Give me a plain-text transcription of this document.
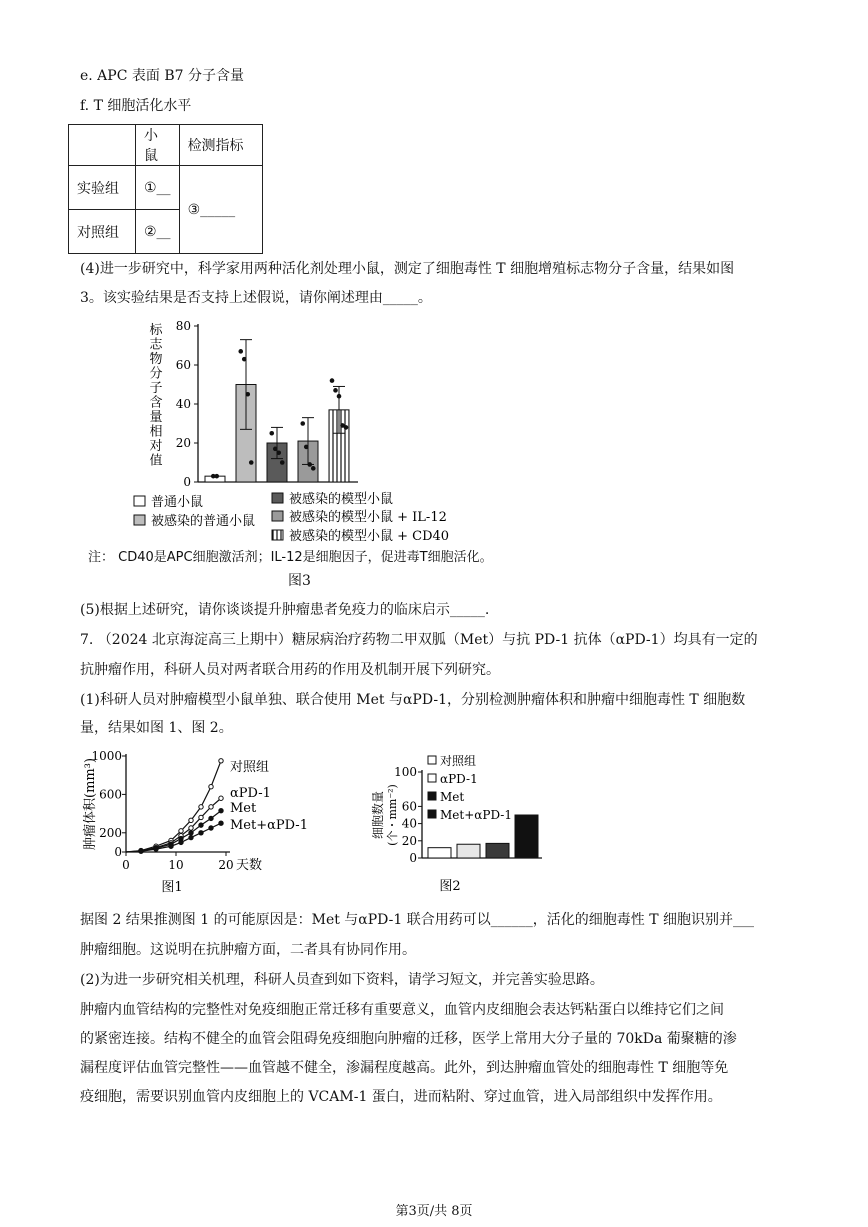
e. APC 表面 B7 分子含量
f. T 细胞活化水平
	小鼠	检测指标
实验组	①__	③_____
对照组	②__	
(4)进一步研究中，科学家用两种活化剂处理小鼠，测定了细胞毒性 T 细胞增殖标志物分子含量，结果如图
3。该实验结果是否支持上述假说，请你阐述理由_____。
标
志
物
分
子
含
量
相
对
值
0
20
40
60
80
普通小鼠
被感染的普通小鼠
被感染的模型小鼠
被感染的模型小鼠 + IL-12
被感染的模型小鼠 + CD40
注： CD40是APC细胞激活剂；IL-12是细胞因子，促进毒T细胞活化。
图3
(5)根据上述研究，请你谈谈提升肿瘤患者免疫力的临床启示_____.
7. （2024 北京海淀高三上期中）糖尿病治疗药物二甲双胍（Met）与抗 PD-1 抗体（αPD-1）均具有一定的
抗肿瘤作用，科研人员对两者联合用药的作用及机制开展下列研究。
(1)科研人员对肿瘤模型小鼠单独、联合使用 Met 与αPD-1，分别检测肿瘤体积和肿瘤中细胞毒性 T 细胞数
量，结果如图 1、图 2。
0
200
600
1000
0	10	20 天数
肿瘤体积(mm³)
图1
对照组
αPD-1
Met
Met+αPD-1
0
20
40
60
100
细胞数量 (个・mm⁻²)
图2
对照组
αPD-1
Met
Met+αPD-1
据图 2 结果推测图 1 的可能原因是：Met 与αPD-1 联合用药可以______，活化的细胞毒性 T 细胞识别并___
肿瘤细胞。这说明在抗肿瘤方面，二者具有协同作用。
(2)为进一步研究相关机理，科研人员查到如下资料，请学习短文，并完善实验思路。
肿瘤内血管结构的完整性对免疫细胞正常迁移有重要意义，血管内皮细胞会表达钙粘蛋白以维持它们之间
的紧密连接。结构不健全的血管会阻碍免疫细胞向肿瘤的迁移，医学上常用大分子量的 70kDa 葡聚糖的渗
漏程度评估血管完整性——血管越不健全，渗漏程度越高。此外，到达肿瘤血管处的细胞毒性 T 细胞等免
疫细胞，需要识别血管内皮细胞上的 VCAM-1 蛋白，进而粘附、穿过血管，进入局部组织中发挥作用。
第3页/共 8页
